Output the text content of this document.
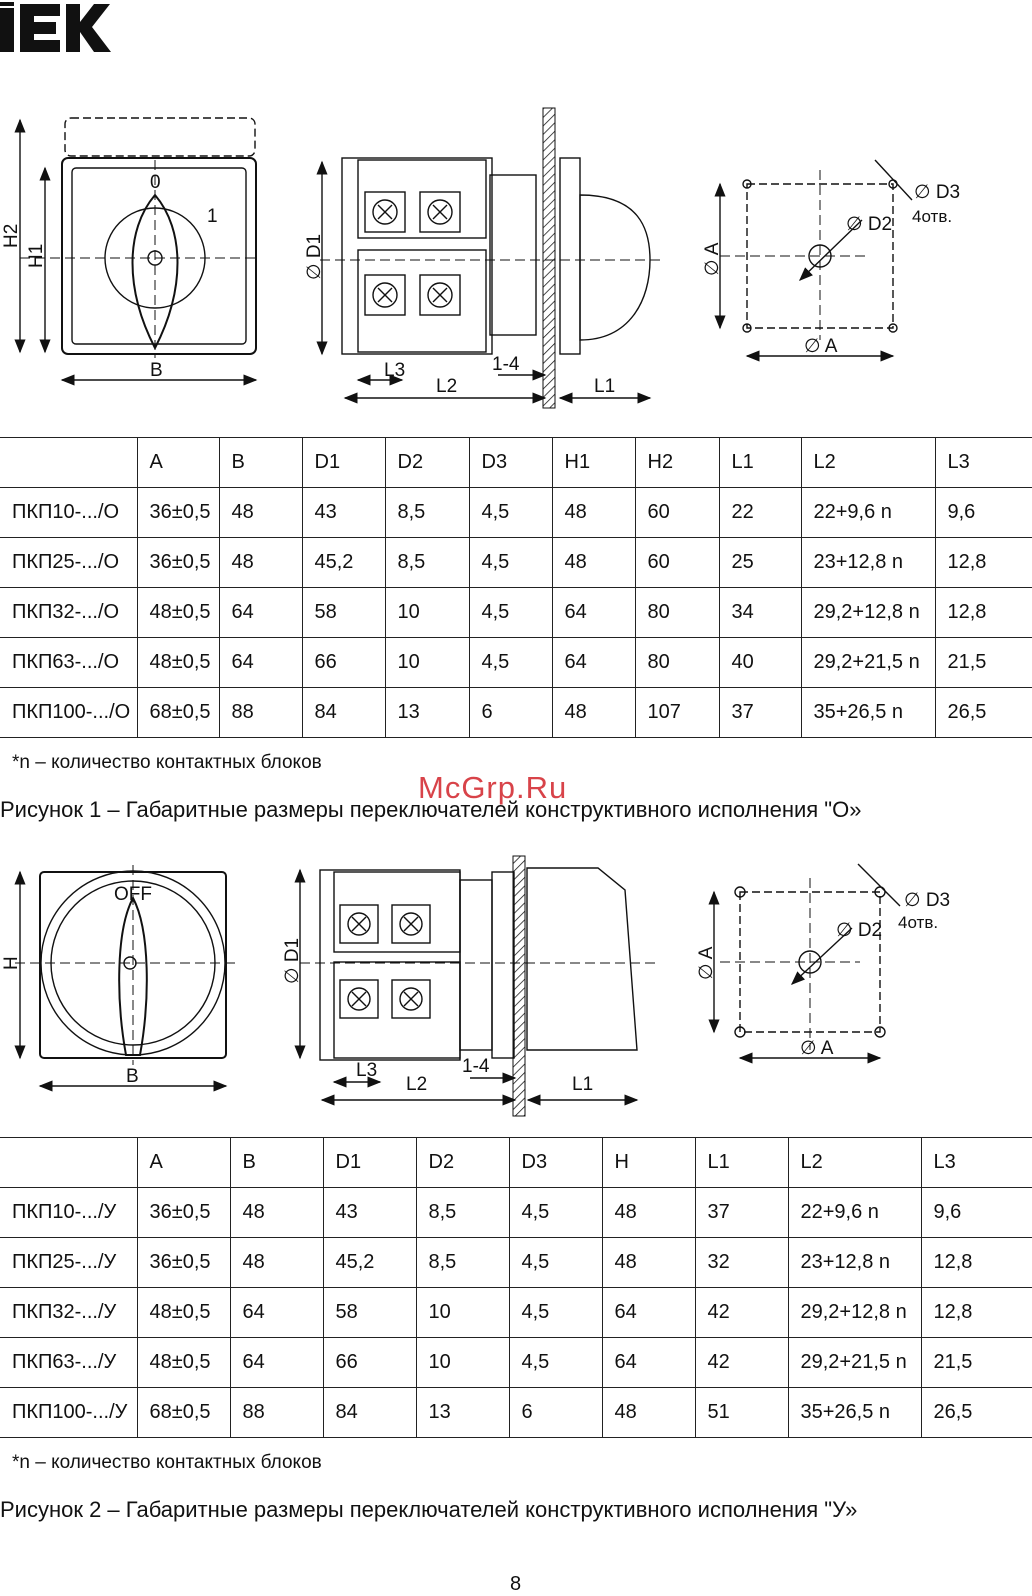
H2
H1
0
1
B
∅ D1
L3
L2
1-4
L1
∅ A
∅ A
∅ D2
∅ D3
4отв.
	A	B	D1	D2	D3	H1	H2	L1	L2	L3
ПКП10-.../О	36±0,5	48	43	8,5	4,5	48	60	22	22+9,6 n	9,6
ПКП25-.../О	36±0,5	48	45,2	8,5	4,5	48	60	25	23+12,8 n	12,8
ПКП32-.../О	48±0,5	64	58	10	4,5	64	80	34	29,2+12,8 n	12,8
ПКП63-.../О	48±0,5	64	66	10	4,5	64	80	40	29,2+21,5 n	21,5
ПКП100-.../О	68±0,5	88	84	13	6	48	107	37	35+26,5 n	26,5
*n – количество контактных блоков
Рисунок 1 – Габаритные размеры переключателей конструктивного исполнения "О»
McGrp.Ru
H
OFF
B
∅ D1
L3
L2
1-4
L1
∅ A
∅ A
∅ D2
∅ D3
4отв.
	A	B	D1	D2	D3	H	L1	L2	L3
ПКП10-.../У	36±0,5	48	43	8,5	4,5	48	37	22+9,6 n	9,6
ПКП25-.../У	36±0,5	48	45,2	8,5	4,5	48	32	23+12,8 n	12,8
ПКП32-.../У	48±0,5	64	58	10	4,5	64	42	29,2+12,8 n	12,8
ПКП63-.../У	48±0,5	64	66	10	4,5	64	42	29,2+21,5 n	21,5
ПКП100-.../У	68±0,5	88	84	13	6	48	51	35+26,5 n	26,5
*n – количество контактных блоков
Рисунок 2 – Габаритные размеры переключателей конструктивного исполнения "У»
8
